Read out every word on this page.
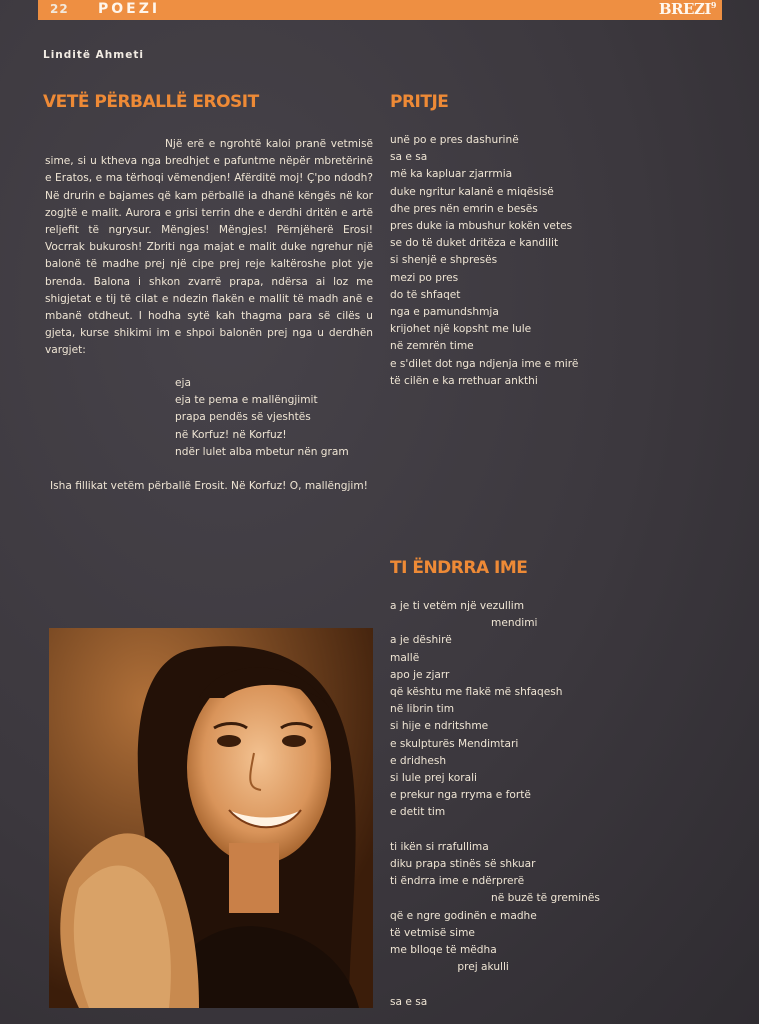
22 POEZI	BREZI$^9$
Linditë Ahmeti
VETË PËRBALLË EROSIT
Një erë e ngrohtë kaloi pranë vetmisë sime, si u ktheva nga bredhjet e pafuntme nëpër mbretërinë e Eratos, e ma tërhoqi vëmendjen! Afërditë moj! Ç'po ndodh? Në drurin e bajames që kam përballë ia dhanë këngës në kor zogjtë e malit. Aurora e grisi terrin dhe e derdhi dritën e artë reljefit të ngrysur. Mëngjes! Mëngjes! Përnjëherë Erosi! Vocrrak bukurosh! Zbriti nga majat e malit duke ngrehur një balonë të madhe prej një cipe prej reje kaltëroshe plot yje brenda. Balona i shkon zvarrë prapa, ndërsa ai loz me shigjetat e tij të cilat e ndezin flakën e mallit të madh anë e mbanë otdheut. I hodha sytë kah thagma para së cilës u gjeta, kurse shikimi im e shpoi balonën prej nga u derdhën vargjet:
eja
eja te pema e mallëngjimit
prapa pendës së vjeshtës
në Korfuz! në Korfuz!
ndër lulet alba mbetur nën gram
Isha fillikat vetëm përballë Erosit. Në Korfuz! O, mallëngjim!
PRITJE
unë po e pres dashurinë
sa e sa
më ka kapluar zjarrmia
duke ngritur kalanë e miqësisë
dhe pres nën emrin e besës
pres duke ia mbushur kokën vetes
se do të duket dritëza e kandilit
si shenjë e shpresës
mezi po pres
do të shfaqet
nga e pamundshmja
krijohet një kopsht me lule
në zemrën time
e s'dilet dot nga ndjenja ime e mirë
të cilën e ka rrethuar ankthi
TI ËNDRRA IME
a je ti vetëm një vezullim
mendimi
a je dëshirë
mallë
apo je zjarr
që kështu me flakë më shfaqesh
në librin tim
si hije e ndritshme
e skulpturës Mendimtari
e dridhesh
si lule prej korali
e prekur nga rryma e fortë
e detit tim

ti ikën si rrafullima
diku prapa stinës së shkuar
ti ëndrra ime e ndërprerë
në buzë të greminës
që e ngre godinën e madhe
të vetmisë sime
me blloqe të mëdha
prej akulli

sa e sa
